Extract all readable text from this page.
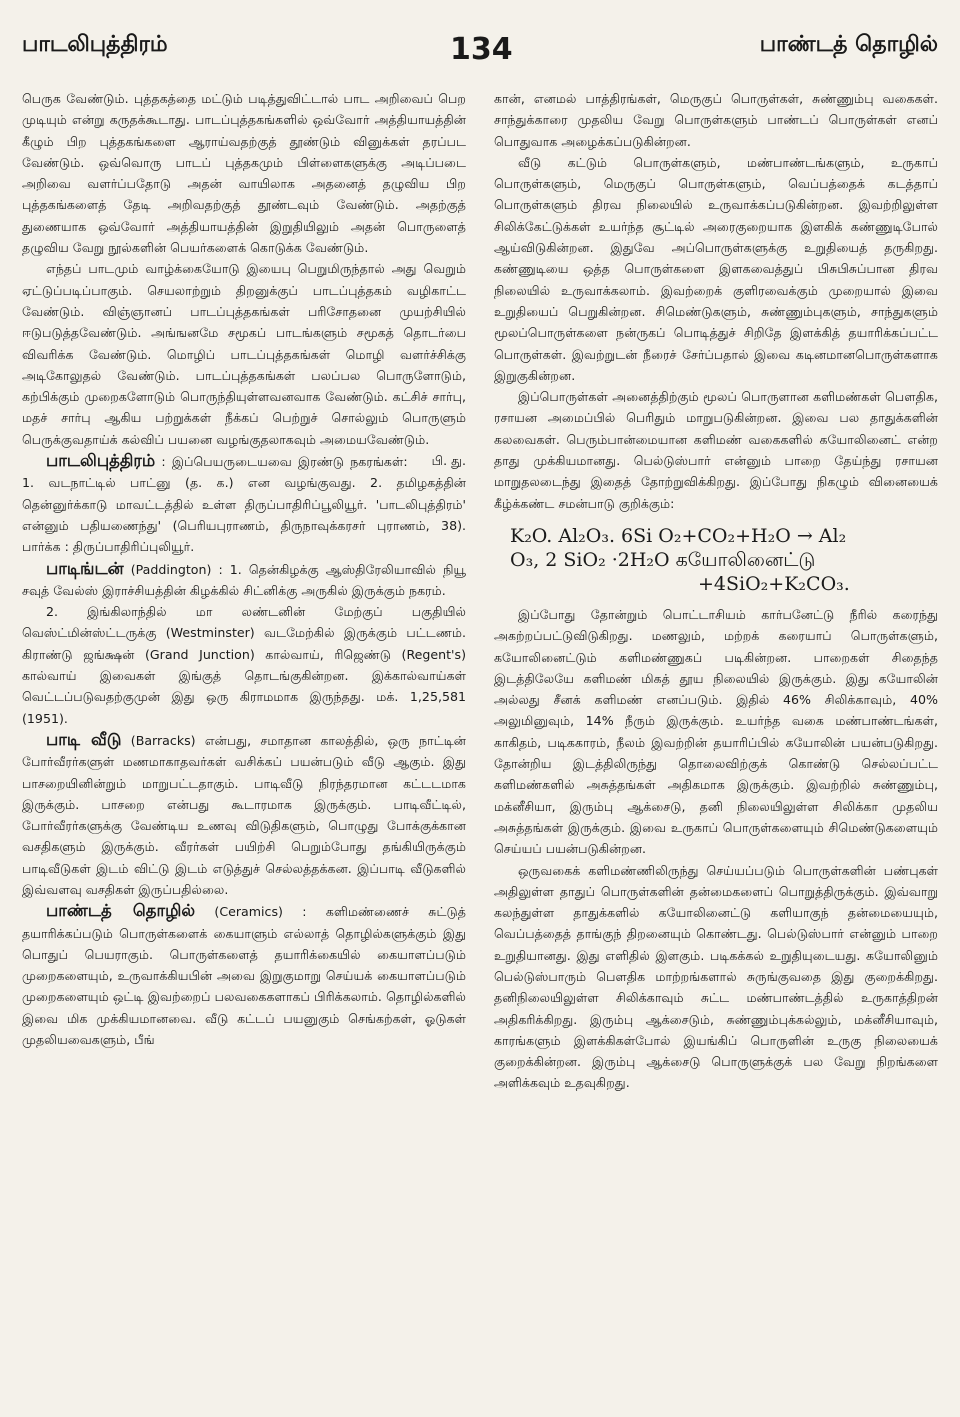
பாடலிபுத்திரம்	134	பாண்டத் தொழில்

பெருக வேண்டும். புத்தகத்தை மட்டும் படித்துவிட்டால் பாட அறிவைப் பெற முடியும் என்று கருதக்கூடாது. பாடப்புத்தகங்களில் ஒவ்வோர் அத்தியாயத்தின் கீழும் பிற புத்தகங்களை ஆராய்வதற்குத் தூண்டும் வினுக்கள் தரப்பட வேண்டும். ஒவ்வொரு பாடப் புத்தகமும் பிள்ளைகளுக்கு அடிப்படை அறிவை வளர்ப்பதோடு அதன் வாயிலாக அதனைத் தழுவிய பிற புத்தகங்களைத் தேடி அறிவதற்குத் தூண்டவும் வேண்டும். அதற்குத் துணையாக ஒவ்வோர் அத்தியாயத்தின் இறுதியிலும் அதன் பொருளைத் தழுவிய வேறு நூல்களின் பெயர்களைக் கொடுக்க வேண்டும்.

எந்தப் பாடமும் வாழ்க்கையோடு இயைபு பெறுமிருந்தால் அது வெறும் ஏட்டுப்படிப்பாகும். செயலாற்றும் திறனுக்குப் பாடப்புத்தகம் வழிகாட்ட வேண்டும். விஞ்ஞானப் பாடப்புத்தகங்கள் பரிசோதனை முயற்சியில் ஈடுபடுத்தவேண்டும். அங்ஙனமே சமூகப் பாடங்களும் சமூகத் தொடர்பை விவரிக்க வேண்டும். மொழிப் பாடப்புத்தகங்கள் மொழி வளர்ச்சிக்கு அடிகோலுதல் வேண்டும். பாடப்புத்தகங்கள் பலப்பல பொருளோடும், கற்பிக்கும் முறைகளோடும் பொருந்தியுள்ளவனவாக வேண்டும். கட்சிச் சார்பு, மதச் சார்பு ஆகிய பற்றுக்கள் நீக்கப் பெற்றுச் சொல்லும் பொருளும் பெருக்குவதாய்க் கல்விப் பயனை வழங்குதலாகவும் அமையவேண்டும்.
பி. து.

பாடலிபுத்திரம் : இப்பெயருடையவை இரண்டு நகரங்கள்: 1. வடநாட்டில் பாட்னு (த. க.) என வழங்குவது. 2. தமிழகத்தின் தென்னுர்க்காடு மாவட்டத்தில் உள்ள திருப்பாதிரிப்பூலியூர். 'பாடலிபுத்திரம்' என்னும் பதியணைந்து' (பெரியபுராணம், திருநாவுக்கரசர் புராணம், 38). பார்க்க : திருப்பாதிரிப்புலியூர்.

பாடிங்டன் (Paddington) : 1. தென்கிழக்கு ஆஸ்திரேலியாவில் நியூ சவுத் வேல்ஸ் இராச்சியத்தின் கிழக்கில் சிட்னிக்கு அருகில் இருக்கும் நகரம்.

2. இங்கிலாந்தில் மா லண்டனின் மேற்குப் பகுதியில் வெஸ்ட்மின்ஸ்ட்டருக்கு (Westminster) வடமேற்கில் இருக்கும் பட்டணம். கிராண்டு ஜங்க்ஷன் (Grand Junction) கால்வாய், ரிஜெண்டு (Regent's) கால்வாய் இவைகள் இங்குத் தொடங்குகின்றன. இக்கால்வாய்கள் வெட்டப்படுவதற்குமுன் இது ஒரு கிராமமாக இருந்தது. மக். 1,25,581 (1951).

பாடி வீடு (Barracks) என்பது, சமாதான காலத்தில், ஒரு நாட்டின் போர்வீரர்களுள் மணமாகாதவர்கள் வசிக்கப் பயன்படும் வீடு ஆகும். இது பாசறையினின்றும் மாறுபட்டதாகும். பாடிவீடு நிரந்தரமான கட்டடமாக இருக்கும். பாசறை என்பது கூடாரமாக இருக்கும். பாடிவீட்டில், போர்வீரர்களுக்கு வேண்டிய உணவு விடுதிகளும், பொழுது போக்குக்கான வசதிகளும் இருக்கும். வீரர்கள் பயிற்சி பெறும்போது தங்கியிருக்கும் பாடிவீடுகள் இடம் விட்டு இடம் எடுத்துச் செல்லத்தக்கன. இப்பாடி வீடுகளில் இவ்வளவு வசதிகள் இருப்பதில்லை.

பாண்டத் தொழில் (Ceramics) : களிமண்ணைச் சுட்டுத் தயாரிக்கப்படும் பொருள்களைக் கையாளும் எல்லாத் தொழில்களுக்கும் இது பொதுப் பெயராகும். பொருள்களைத் தயாரிக்கையில் கையாளப்படும் முறைகளையும், உருவாக்கியபின் அவை இறுகுமாறு செய்யக் கையாளப்படும் முறைகளையும் ஒட்டி இவற்றைப் பலவகைகளாகப் பிரிக்கலாம். தொழில்களில் இவை மிக முக்கியமானவை. வீடு கட்டப் பயனுகும் செங்கற்கள், ஓடுகள் முதலியவைகளும், பீங்

கான், எனமல் பாத்திரங்கள், மெருகுப் பொருள்கள், சுண்ணும்பு வகைகள். சாந்துக்காரை முதலிய வேறு பொருள்களும் பாண்டப் பொருள்கள் எனப் பொதுவாக அழைக்கப்படுகின்றன.

வீடு கட்டும் பொருள்களும், மண்பாண்டங்களும், உருகாப் பொருள்களும், மெருகுப் பொருள்களும், வெப்பத்தைக் கடத்தாப் பொருள்களும் திரவ நிலையில் உருவாக்கப்படுகின்றன. இவற்றிலுள்ள சிலிக்கேட்டுக்கள் உயர்ந்த சூட்டில் அரைகுறையாக இளகிக் கண்ணுடிபோல் ஆய்விடுகின்றன. இதுவே அப்பொருள்களுக்கு உறுதியைத் தருகிறது. கண்ணுடியை ஒத்த பொருள்களை இளகவைத்துப் பிசுபிசுப்பான திரவ நிலையில் உருவாக்கலாம். இவற்றைக் குளிரவைக்கும் முறையால் இவை உறுதியைப் பெறுகின்றன. சிமெண்டுகளும், சுண்ணும்புகளும், சாந்துகளும் மூலப்பொருள்களை நன்ருகப் பொடித்துச் சிறிதே இளக்கித் தயாரிக்கப்பட்ட பொருள்கள். இவற்றுடன் நீரைச் சேர்ப்பதால் இவை கடினமானபொருள்களாக இறுகுகின்றன.

இப்பொருள்கள் அனைத்திற்கும் மூலப் பொருளான களிமண்கள் பௌதிக, ரசாயன அமைப்பில் பெரிதும் மாறுபடுகின்றன. இவை பல தாதுக்களின் கலவைகள். பெரும்பான்மையான களிமண் வகைகளில் கயோலினைட் என்ற தாது முக்கியமானது. பெல்டுஸ்பார் என்னும் பாறை தேய்ந்து ரசாயன மாறுதலடைந்து இதைத் தோற்றுவிக்கிறது. இப்போது நிகழும் வினையைக் கீழ்க்கண்ட சமன்பாடு குறிக்கும்:

K₂O. Al₂O₃. 6Si O₂+CO₂+H₂O → Al₂
O₃, 2 SiO₂ ·2H₂O கயோலினைட்டு
+4SiO₂+K₂CO₃.

இப்போது தோன்றும் பொட்டாசியம் கார்பனேட்டு நீரில் கரைந்து அகற்றப்பட்டுவிடுகிறது. மணலும், மற்றக் கரையாப் பொருள்களும், கயோலினைட்டும் களிமண்ணுகப் படிகின்றன. பாறைகள் சிதைந்த இடத்திலேயே களிமண் மிகத் தூய நிலையில் இருக்கும். இது கயோலின் அல்லது சீனக் களிமண் எனப்படும். இதில் 46% சிலிக்காவும், 40% அலுமினுவும், 14% நீரும் இருக்கும். உயர்ந்த வகை மண்பாண்டங்கள், காகிதம், படிககாரம், நீலம் இவற்றின் தயாரிப்பில் கயோலின் பயன்படுகிறது. தோன்றிய இடத்திலிருந்து தொலைவிற்குக் கொண்டு செல்லப்பட்ட களிமண்களில் அசுத்தங்கள் அதிகமாக இருக்கும். இவற்றில் சுண்ணும்பு, மக்னீசியா, இரும்பு ஆக்சைடு, தனி நிலையிலுள்ள சிலிக்கா முதலிய அசுத்தங்கள் இருக்கும். இவை உருகாப் பொருள்களையும் சிமெண்டுகளையும் செய்யப் பயன்படுகின்றன.

ஒருவகைக் களிமண்ணிலிருந்து செய்யப்படும் பொருள்களின் பண்புகள் அதிலுள்ள தாதுப் பொருள்களின் தன்மைகளைப் பொறுத்திருக்கும். இவ்வாறு கலந்துள்ள தாதுக்களில் கயோலினைட்டு களியாகுந் தன்மையையும், வெப்பத்தைத் தாங்குந் திறனையும் கொண்டது. பெல்டுஸ்பார் என்னும் பாறை உறுதியானது. இது எளிதில் இளகும். படிகக்கல் உறுதியுடையது. கயோலினும் பெல்டுஸ்பாரும் பௌதிக மாற்றங்களால் சுருங்குவதை இது குறைக்கிறது. தனிநிலையிலுள்ள சிலிக்காவும் சுட்ட மண்பாண்டத்தில் உருகாத்திறன் அதிகரிக்கிறது. இரும்பு ஆக்சைடும், சுண்ணும்புக்கல்லும், மக்னீசியாவும், காரங்களும் இளக்கிகள்போல் இயங்கிப் பொருளின் உருகு நிலையைக் குறைக்கின்றன. இரும்பு ஆக்சைடு பொருளுக்குக் பல வேறு நிறங்களை அளிக்கவும் உதவுகிறது.
